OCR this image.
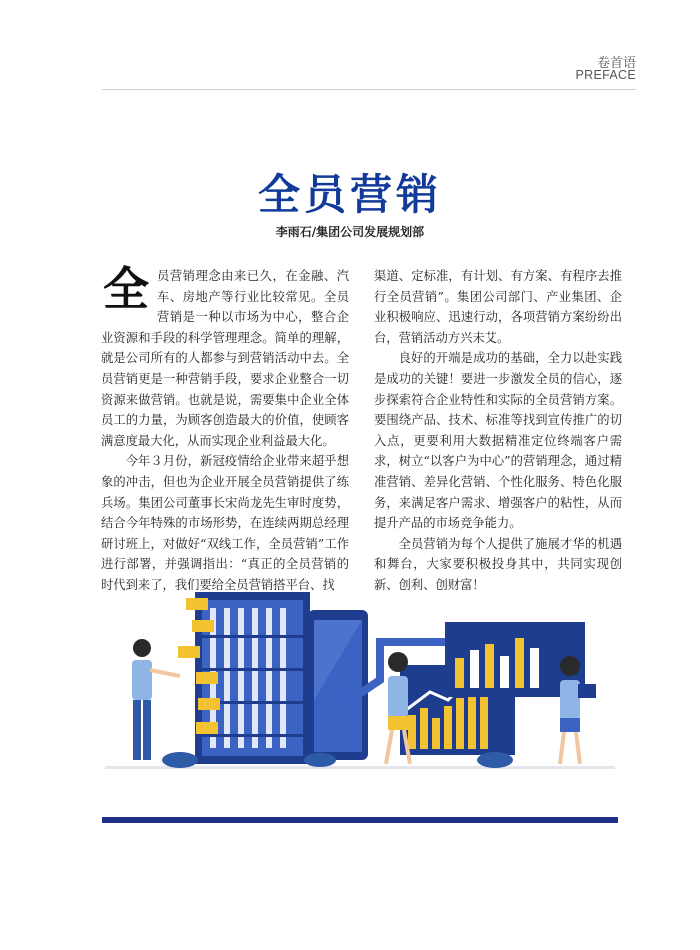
卷首语
PREFACE
全员营销
李雨石/集团公司发展规划部

全员营销理念由来已久，在金融、汽车、房地产等行业比较常见。全员营销是一种以市场为中心，整合企业资源和手段的科学管理理念。简单的理解，就是公司所有的人都参与到营销活动中去。全员营销更是一种营销手段，要求企业整合一切资源来做营销。也就是说，需要集中企业全体员工的力量，为顾客创造最大的价值，使顾客满意度最大化，从而实现企业利益最大化。

今年３月份，新冠疫情给企业带来超乎想象的冲击，但也为企业开展全员营销提供了练兵场。集团公司董事长宋尚龙先生审时度势，结合今年特殊的市场形势，在连续两期总经理研讨班上，对做好“双线工作，全员营销”工作进行部署，并强调指出：“真正的全员营销的时代到来了，我们要给全员营销搭平台、找

渠道、定标准，有计划、有方案、有程序去推行全员营销”。集团公司部门、产业集团、企业积极响应、迅速行动，各项营销方案纷纷出台，营销活动方兴未艾。

良好的开端是成功的基础，全力以赴实践是成功的关键！要进一步激发全员的信心，逐步探索符合企业特性和实际的全员营销方案。要围绕产品、技术、标准等找到宣传推广的切入点，更要利用大数据精准定位终端客户需求，树立“以客户为中心”的营销理念，通过精准营销、差异化营销、个性化服务、特色化服务，来满足客户需求、增强客户的粘性，从而提升产品的市场竞争能力。

全员营销为每个人提供了施展才华的机遇和舞台，大家要积极投身其中，共同实现创新、创利、创财富！
